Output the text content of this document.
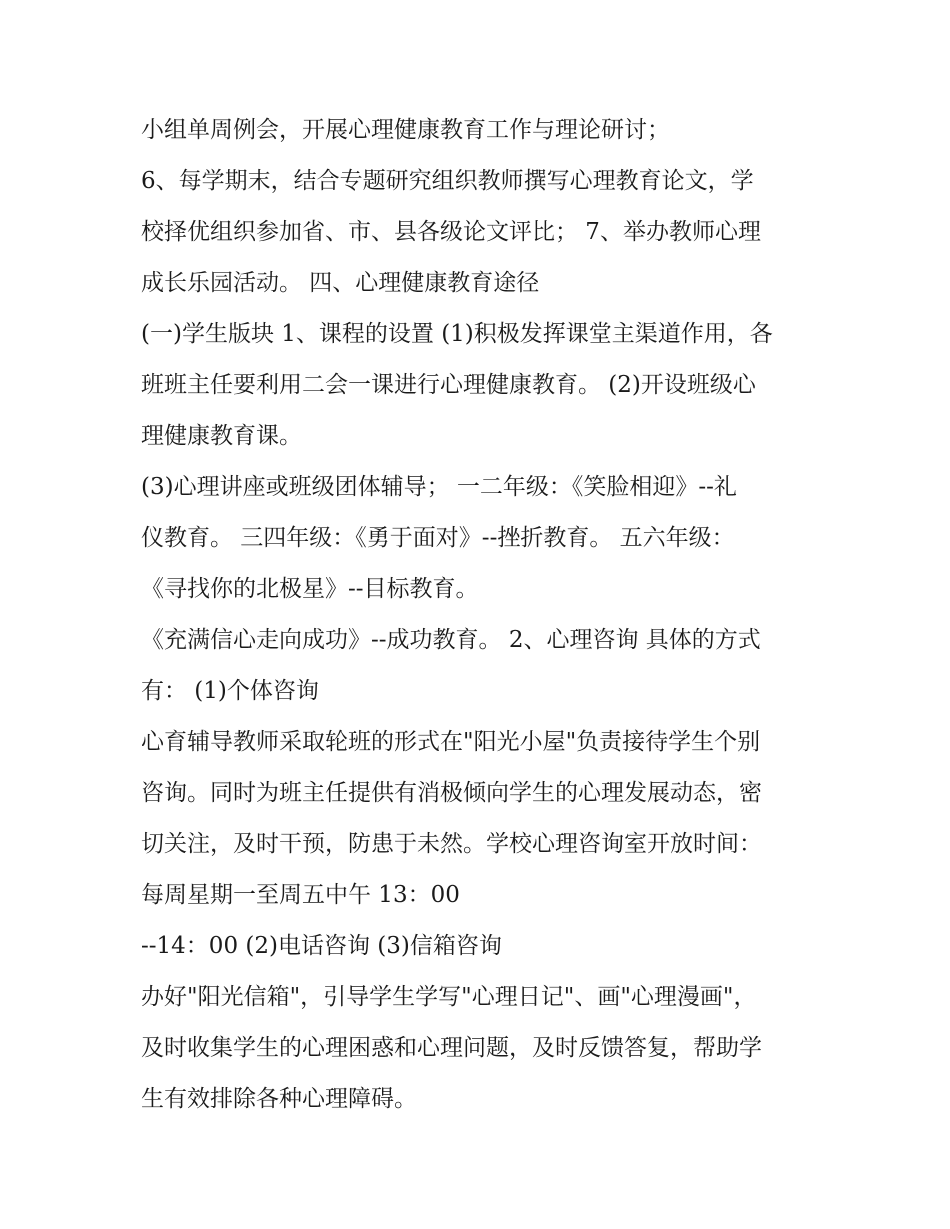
小组单周例会，开展心理健康教育工作与理论研讨；
6、每学期末，结合专题研究组织教师撰写心理教育论文，学
校择优组织参加省、市、县各级论文评比； 7、举办教师心理
成长乐园活动。 四、心理健康教育途径
(一)学生版块 1、课程的设置 (1)积极发挥课堂主渠道作用，各
班班主任要利用二会一课进行心理健康教育。 (2)开设班级心
理健康教育课。
(3)心理讲座或班级团体辅导； 一二年级：《笑脸相迎》--礼
仪教育。 三四年级：《勇于面对》--挫折教育。 五六年级：
《寻找你的北极星》--目标教育。
《充满信心走向成功》--成功教育。 2、心理咨询 具体的方式
有： (1)个体咨询
心育辅导教师采取轮班的形式在"阳光小屋"负责接待学生个别
咨询。同时为班主任提供有消极倾向学生的心理发展动态，密
切关注，及时干预，防患于未然。学校心理咨询室开放时间：
每周星期一至周五中午 13：00
--14：00 (2)电话咨询 (3)信箱咨询
办好"阳光信箱"，引导学生学写"心理日记"、画"心理漫画"，
及时收集学生的心理困惑和心理问题，及时反馈答复，帮助学
生有效排除各种心理障碍。
